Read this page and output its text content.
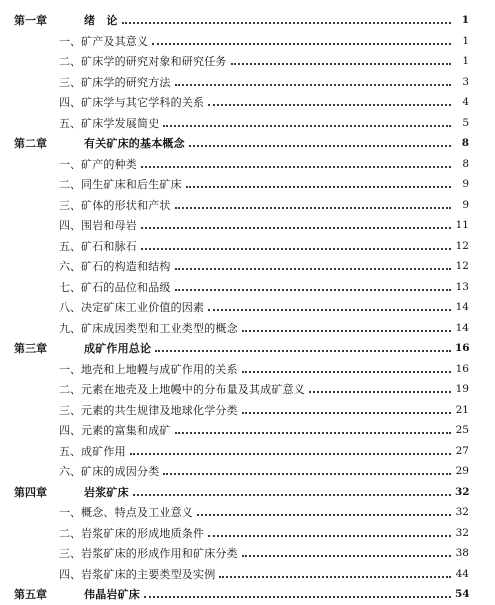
第一章	绪　论	1
一、 矿产及其意义	1
二、 矿床学的研究对象和研究任务	1
三、 矿床学的研究方法	3
四、 矿床学与其它学科的关系	4
五、 矿床学发展简史	5
第二章	有关矿床的基本概念	8
一、 矿产的种类	8
二、 同生矿床和后生矿床	9
三、 矿体的形状和产状	9
四、 围岩和母岩	11
五、 矿石和脉石	12
六、 矿石的构造和结构	12
七、 矿石的品位和品级	13
八、 决定矿床工业价值的因素	14
九、 矿床成因类型和工业类型的概念	14
第三章	成矿作用总论	16
一、 地壳和上地幔与成矿作用的关系	16
二、 元素在地壳及上地幔中的分布量及其成矿意义	19
三、 元素的共生规律及地球化学分类	21
四、 元素的富集和成矿	25
五、 成矿作用	27
六、 矿床的成因分类	29
第四章	岩浆矿床	32
一、 概念、特点及工业意义	32
二、 岩浆矿床的形成地质条件	32
三、 岩浆矿床的形成作用和矿床分类	38
四、 岩浆矿床的主要类型及实例	44
第五章	伟晶岩矿床	54
